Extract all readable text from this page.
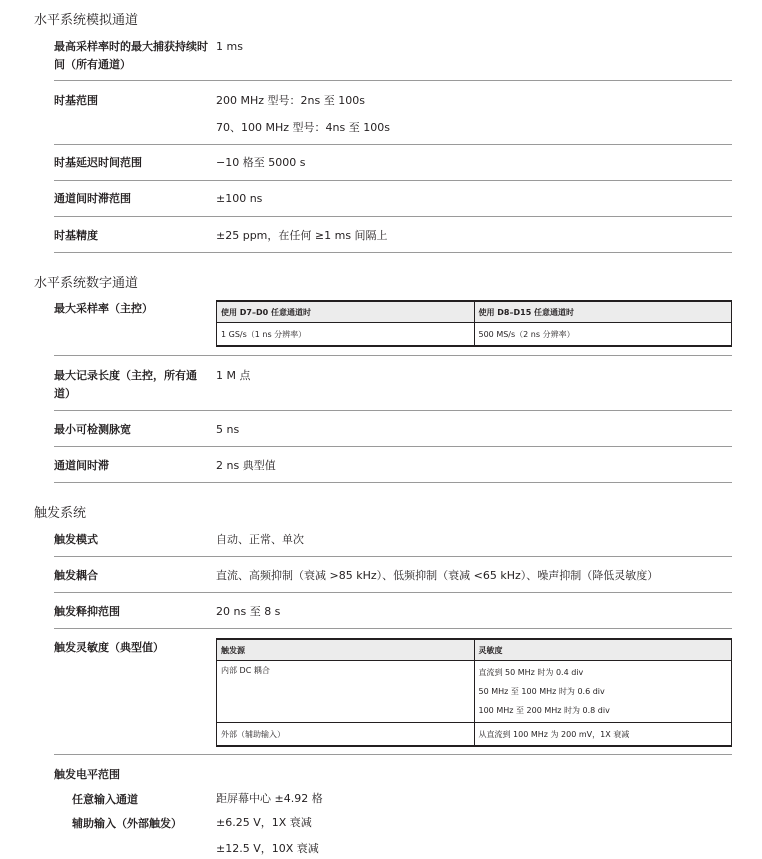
水平系统模拟通道
最高采样率时的最大捕获持续时间（所有通道）
1 ms
时基范围	200 MHz 型号：2ns 至 100s
70、100 MHz 型号：4ns 至 100s
时基延迟时间范围	−10 格至 5000 s
通道间时滞范围	±100 ns
时基精度	±25 ppm，在任何 ≥1 ms 间隔上
水平系统数字通道
最大采样率（主控）	使用 D7–D0 任意通道时	使用 D8–D15 任意通道时
1 GS/s（1 ns 分辨率）	500 MS/s（2 ns 分辨率）
最大记录长度（主控，所有通道）
1 M 点
最小可检测脉宽	5 ns
通道间时滞	2 ns 典型值
触发系统
触发模式	自动、正常、单次
触发耦合	直流、高频抑制（衰减 >85 kHz）、低频抑制（衰减 <65 kHz）、噪声抑制（降低灵敏度）
触发释抑范围	20 ns 至 8 s
触发灵敏度（典型值）	触发源	灵敏度
内部 DC 耦合	直流到 50 MHz 时为 0.4 div
50 MHz 至 100 MHz 时为 0.6 div
100 MHz 至 200 MHz 时为 0.8 div

外部（辅助输入）	从直流到 100 MHz 为 200 mV，1X 衰减
触发电平范围
任意输入通道	距屏幕中心 ±4.92 格
辅助输入（外部触发）	±6.25 V，1X 衰减
±12.5 V，10X 衰减
